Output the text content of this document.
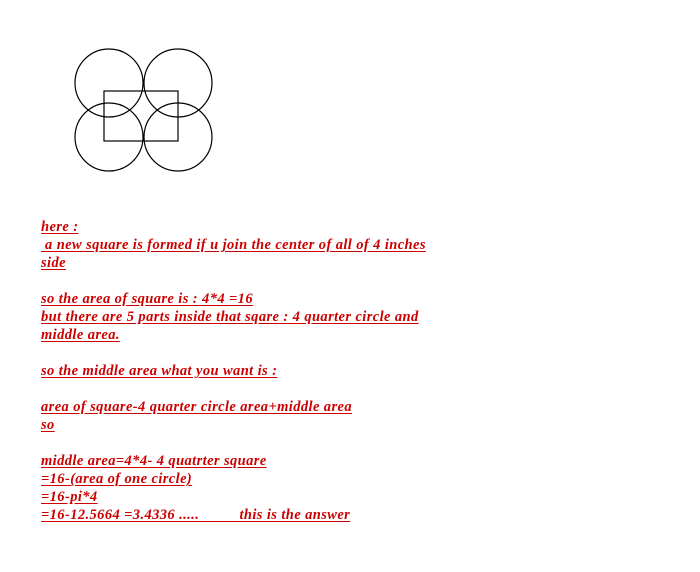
here :
a new square is formed if u join the center of all of 4 inches
side
so the area of square is : 4*4 =16
but there are 5 parts inside that sqare : 4 quarter circle and
middle area.
so the middle area what you want is :
area of square-4 quarter circle area+middle area
so
middle area=4*4- 4 quatrter square
=16-(area of one circle)
=16-pi*4
=16-12.5664 =3.4336 .....          this is the answer
